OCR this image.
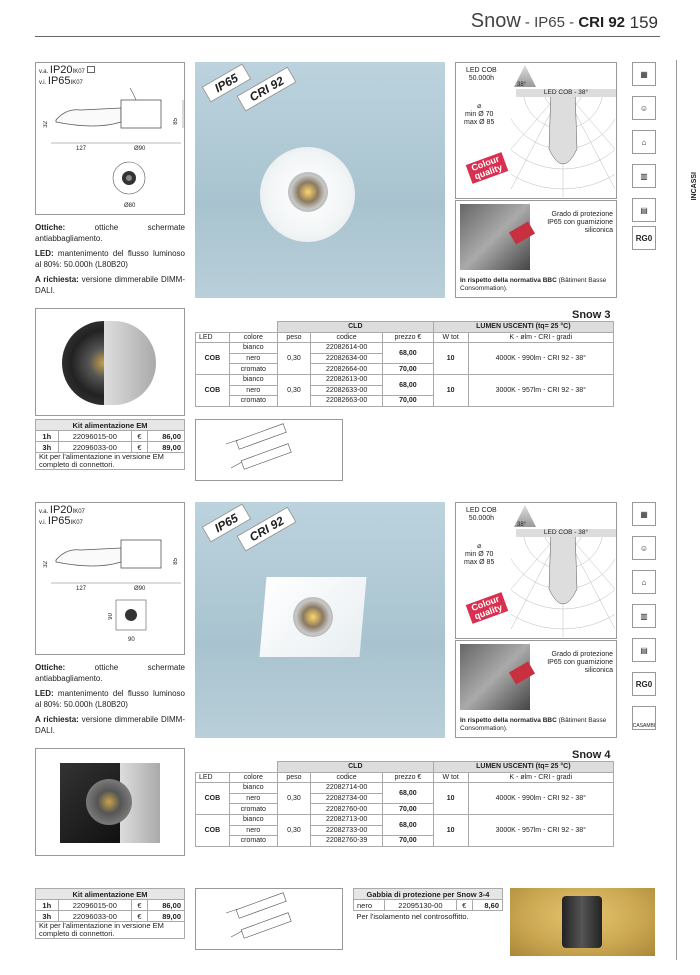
Snow - IP65 - CRI 92 159
INCASSI
v.a. IP20IK07
v.i. IP65IK07
32	85
127	Ø90
Ø80

Ottiche: ottiche schermate antiabbagliamento.

LED: mantenimento del flusso luminoso al 80%: 50.000h (L80B20)

A richiesta: versione dimmerabile DIMM-DALI.

IP65 CRI 92
LED COB
50.000h
38°
⌀
min Ø 70
max Ø 85
Colour quality
LED COB - 38°
Grado di protezione IP65 con guarnizione siliconica
In rispetto della normativa BBC (Bâtiment Basse Consommation).
▦
☺
⌂
▥
▤
RG0
Snow 3						
		CLD			LUMEN USCENTI (tq= 25 °C)	
LED	colore	peso	codice	prezzo €	W tot	K - ølm - CRI - gradi
COB	bianco	0,30	22082614-00	68,00	10	4000K - 990lm - CRI 92 - 38°
	nero		22082634-00			
	cromato		22082664-00	70,00		
COB	bianco	0,30	22082613-00	68,00	10	3000K - 957lm - CRI 92 - 38°
	nero		22082633-00			
	cromato		22082663-00	70,00		
Kit alimentazione EM			
1h	22096015-00	€	86,00
3h	22096033-00	€	89,00
Kit per l'alimentazione in versione EM completo di connettori.			
v.a. IP20IK07
v.i. IP65IK07
32	85
127	Ø90
90
90

Ottiche: ottiche schermate antiabbagliamento.

LED: mantenimento del flusso luminoso al 80%: 50.000h (L80B20)

A richiesta: versione dimmerabile DIMM-DALI.

IP65 CRI 92
LED COB
50.000h
38°
⌀
min Ø 70
max Ø 85
Colour quality
LED COB - 38°
Grado di protezione IP65 con guarnizione siliconica
In rispetto della normativa BBC (Bâtiment Basse Consommation).
▦
☺
⌂
▥
▤
RG0
CASAMBI
Snow 4						
		CLD			LUMEN USCENTI (tq= 25 °C)	
LED	colore	peso	codice	prezzo €	W tot	K - ølm - CRI - gradi
COB	bianco	0,30	22082714-00	68,00	10	4000K - 990lm - CRI 92 - 38°
	nero		22082734-00			
	cromato		22082760-00	70,00		
COB	bianco	0,30	22082713-00	68,00	10	3000K - 957lm - CRI 92 - 38°
	nero		22082733-00			
	cromato		22082760-39	70,00		
Kit alimentazione EM			
1h	22096015-00	€	86,00
3h	22096033-00	€	89,00
Kit per l'alimentazione in versione EM completo di connettori.			
Gabbia di protezione per Snow 3-4
nero	22095130-00	€	8,60
Per l'isolamento nel controsoffitto.
